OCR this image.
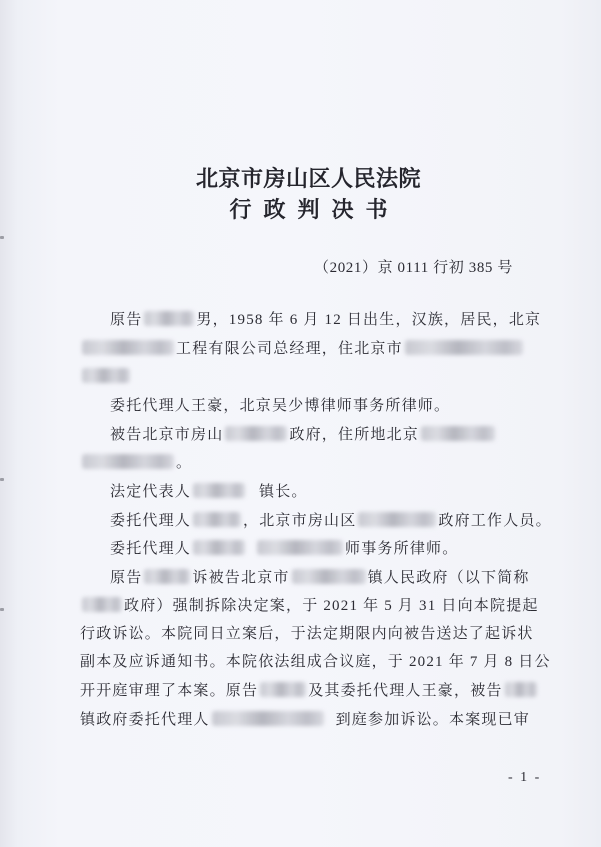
北京市房山区人民法院
行政判决书
（2021）京 0111 行初 385 号
原告	男，1958 年 6 月 12 日出生，汉族，居民，北京
工程有限公司总经理，住北京市
委托代理人王豪，北京吴少博律师事务所律师。
被告北京市房山	政府，住所地北京
。
法定代表人	镇长。
委托代理人	，北京市房山区	政府工作人员。
委托代理人	师事务所律师。
原告	诉被告北京市	镇人民政府（以下简称
政府）强制拆除决定案，于 2021 年 5 月 31 日向本院提起
行政诉讼。本院同日立案后，于法定期限内向被告送达了起诉状
副本及应诉通知书。本院依法组成合议庭，于 2021 年 7 月 8 日公
开开庭审理了本案。原告	及其委托代理人王豪，被告
镇政府委托代理人	到庭参加诉讼。本案现已审
- 1 -
